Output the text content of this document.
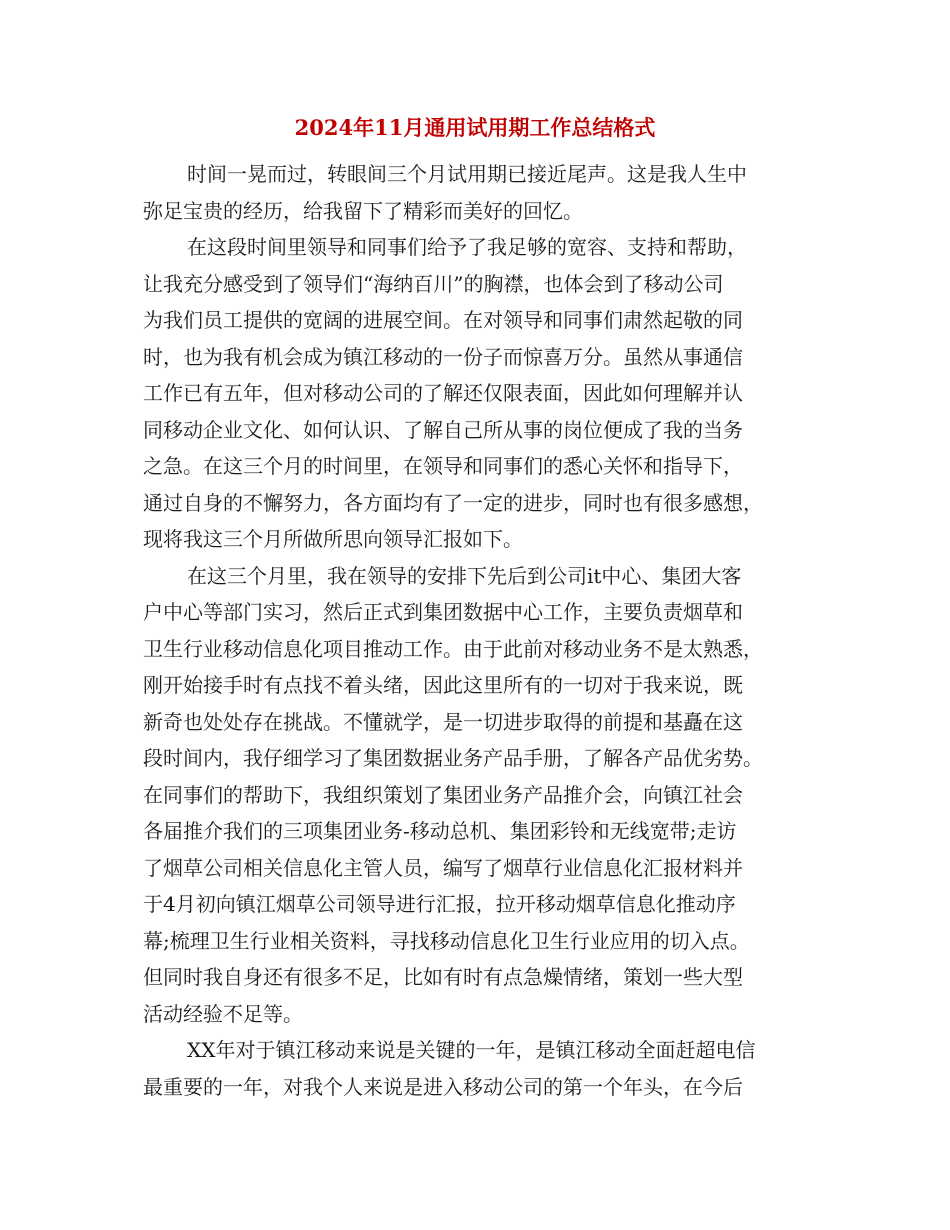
2024年11月通用试用期工作总结格式
时间一晃而过，转眼间三个月试用期已接近尾声。这是我人生中
弥足宝贵的经历，给我留下了精彩而美好的回忆。
在这段时间里领导和同事们给予了我足够的宽容、支持和帮助，
让我充分感受到了领导们“海纳百川”的胸襟，也体会到了移动公司
为我们员工提供的宽阔的进展空间。在对领导和同事们肃然起敬的同
时，也为我有机会成为镇江移动的一份子而惊喜万分。虽然从事通信
工作已有五年，但对移动公司的了解还仅限表面，因此如何理解并认
同移动企业文化、如何认识、了解自己所从事的岗位便成了我的当务
之急。在这三个月的时间里，在领导和同事们的悉心关怀和指导下，
通过自身的不懈努力，各方面均有了一定的进步，同时也有很多感想，
现将我这三个月所做所思向领导汇报如下。
在这三个月里，我在领导的安排下先后到公司it中心、集团大客
户中心等部门实习，然后正式到集团数据中心工作，主要负责烟草和
卫生行业移动信息化项目推动工作。由于此前对移动业务不是太熟悉，
刚开始接手时有点找不着头绪，因此这里所有的一切对于我来说，既
新奇也处处存在挑战。不懂就学，是一切进步取得的前提和基矗在这
段时间内，我仔细学习了集团数据业务产品手册，了解各产品优劣势。
在同事们的帮助下，我组织策划了集团业务产品推介会，向镇江社会
各届推介我们的三项集团业务-移动总机、集团彩铃和无线宽带;走访
了烟草公司相关信息化主管人员，编写了烟草行业信息化汇报材料并
于4月初向镇江烟草公司领导进行汇报，拉开移动烟草信息化推动序
幕;梳理卫生行业相关资料，寻找移动信息化卫生行业应用的切入点。
但同时我自身还有很多不足，比如有时有点急燥情绪，策划一些大型
活动经验不足等。
XX年对于镇江移动来说是关键的一年，是镇江移动全面赶超电信
最重要的一年，对我个人来说是进入移动公司的第一个年头，在今后
